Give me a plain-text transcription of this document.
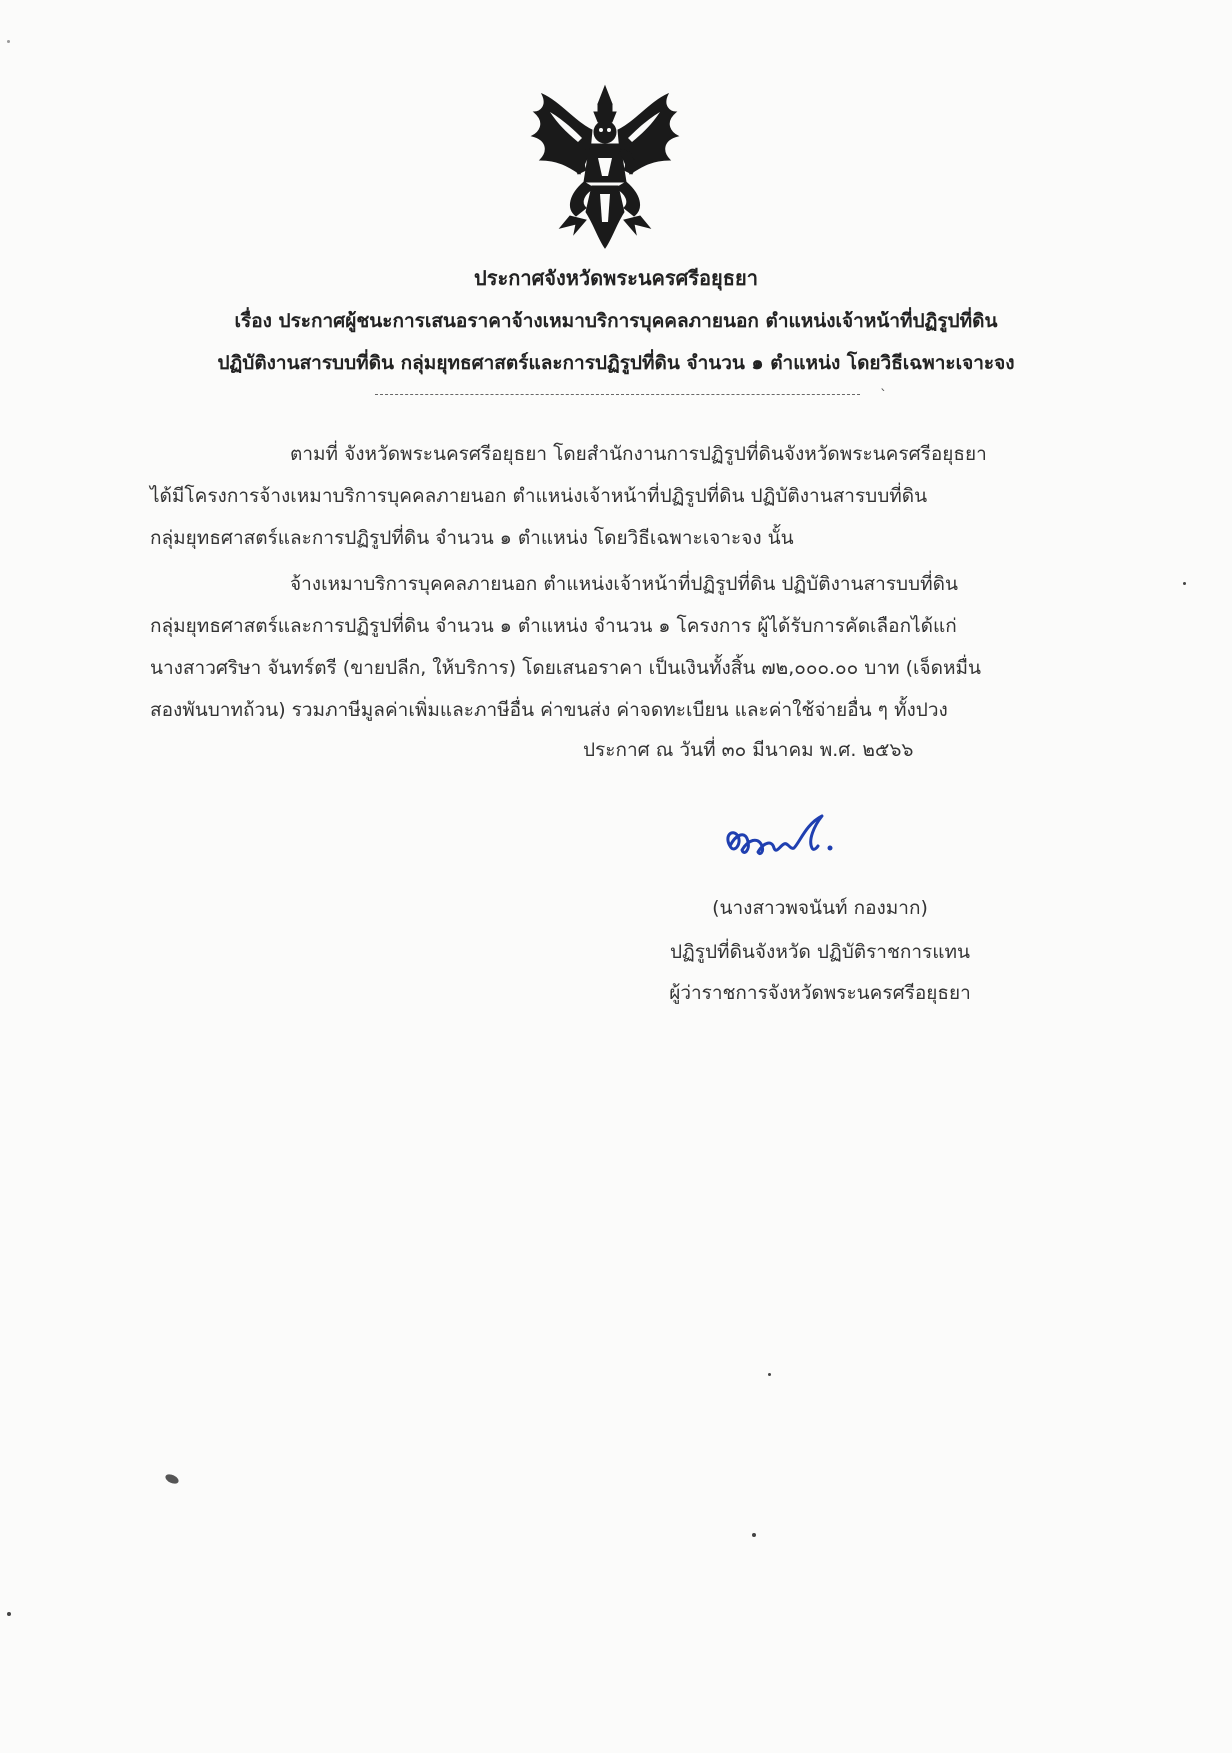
ประกาศจังหวัดพระนครศรีอยุธยา
เรื่อง ประกาศผู้ชนะการเสนอราคาจ้างเหมาบริการบุคคลภายนอก ตำแหน่งเจ้าหน้าที่ปฏิรูปที่ดิน
ปฏิบัติงานสารบบที่ดิน กลุ่มยุทธศาสตร์และการปฏิรูปที่ดิน จำนวน ๑ ตำแหน่ง โดยวิธีเฉพาะเจาะจง
ˋ

ตามที่ จังหวัดพระนครศรีอยุธยา โดยสำนักงานการปฏิรูปที่ดินจังหวัดพระนครศรีอยุธยา

ได้มีโครงการจ้างเหมาบริการบุคคลภายนอก ตำแหน่งเจ้าหน้าที่ปฏิรูปที่ดิน ปฏิบัติงานสารบบที่ดิน

กลุ่มยุทธศาสตร์และการปฏิรูปที่ดิน จำนวน ๑ ตำแหน่ง โดยวิธีเฉพาะเจาะจง นั้น

จ้างเหมาบริการบุคคลภายนอก ตำแหน่งเจ้าหน้าที่ปฏิรูปที่ดิน ปฏิบัติงานสารบบที่ดิน

กลุ่มยุทธศาสตร์และการปฏิรูปที่ดิน จำนวน ๑ ตำแหน่ง จำนวน ๑ โครงการ ผู้ได้รับการคัดเลือกได้แก่

นางสาวศริษา จันทร์ตรี (ขายปลีก, ให้บริการ) โดยเสนอราคา เป็นเงินทั้งสิ้น ๗๒,๐๐๐.๐๐ บาท (เจ็ดหมื่น

สองพันบาทถ้วน) รวมภาษีมูลค่าเพิ่มและภาษีอื่น ค่าขนส่ง ค่าจดทะเบียน และค่าใช้จ่ายอื่น ๆ ทั้งปวง

ประกาศ ณ วันที่ ๓๐ มีนาคม พ.ศ. ๒๕๖๖
(นางสาวพจนันท์ กองมาก)
ปฏิรูปที่ดินจังหวัด ปฏิบัติราชการแทน
ผู้ว่าราชการจังหวัดพระนครศรีอยุธยา
